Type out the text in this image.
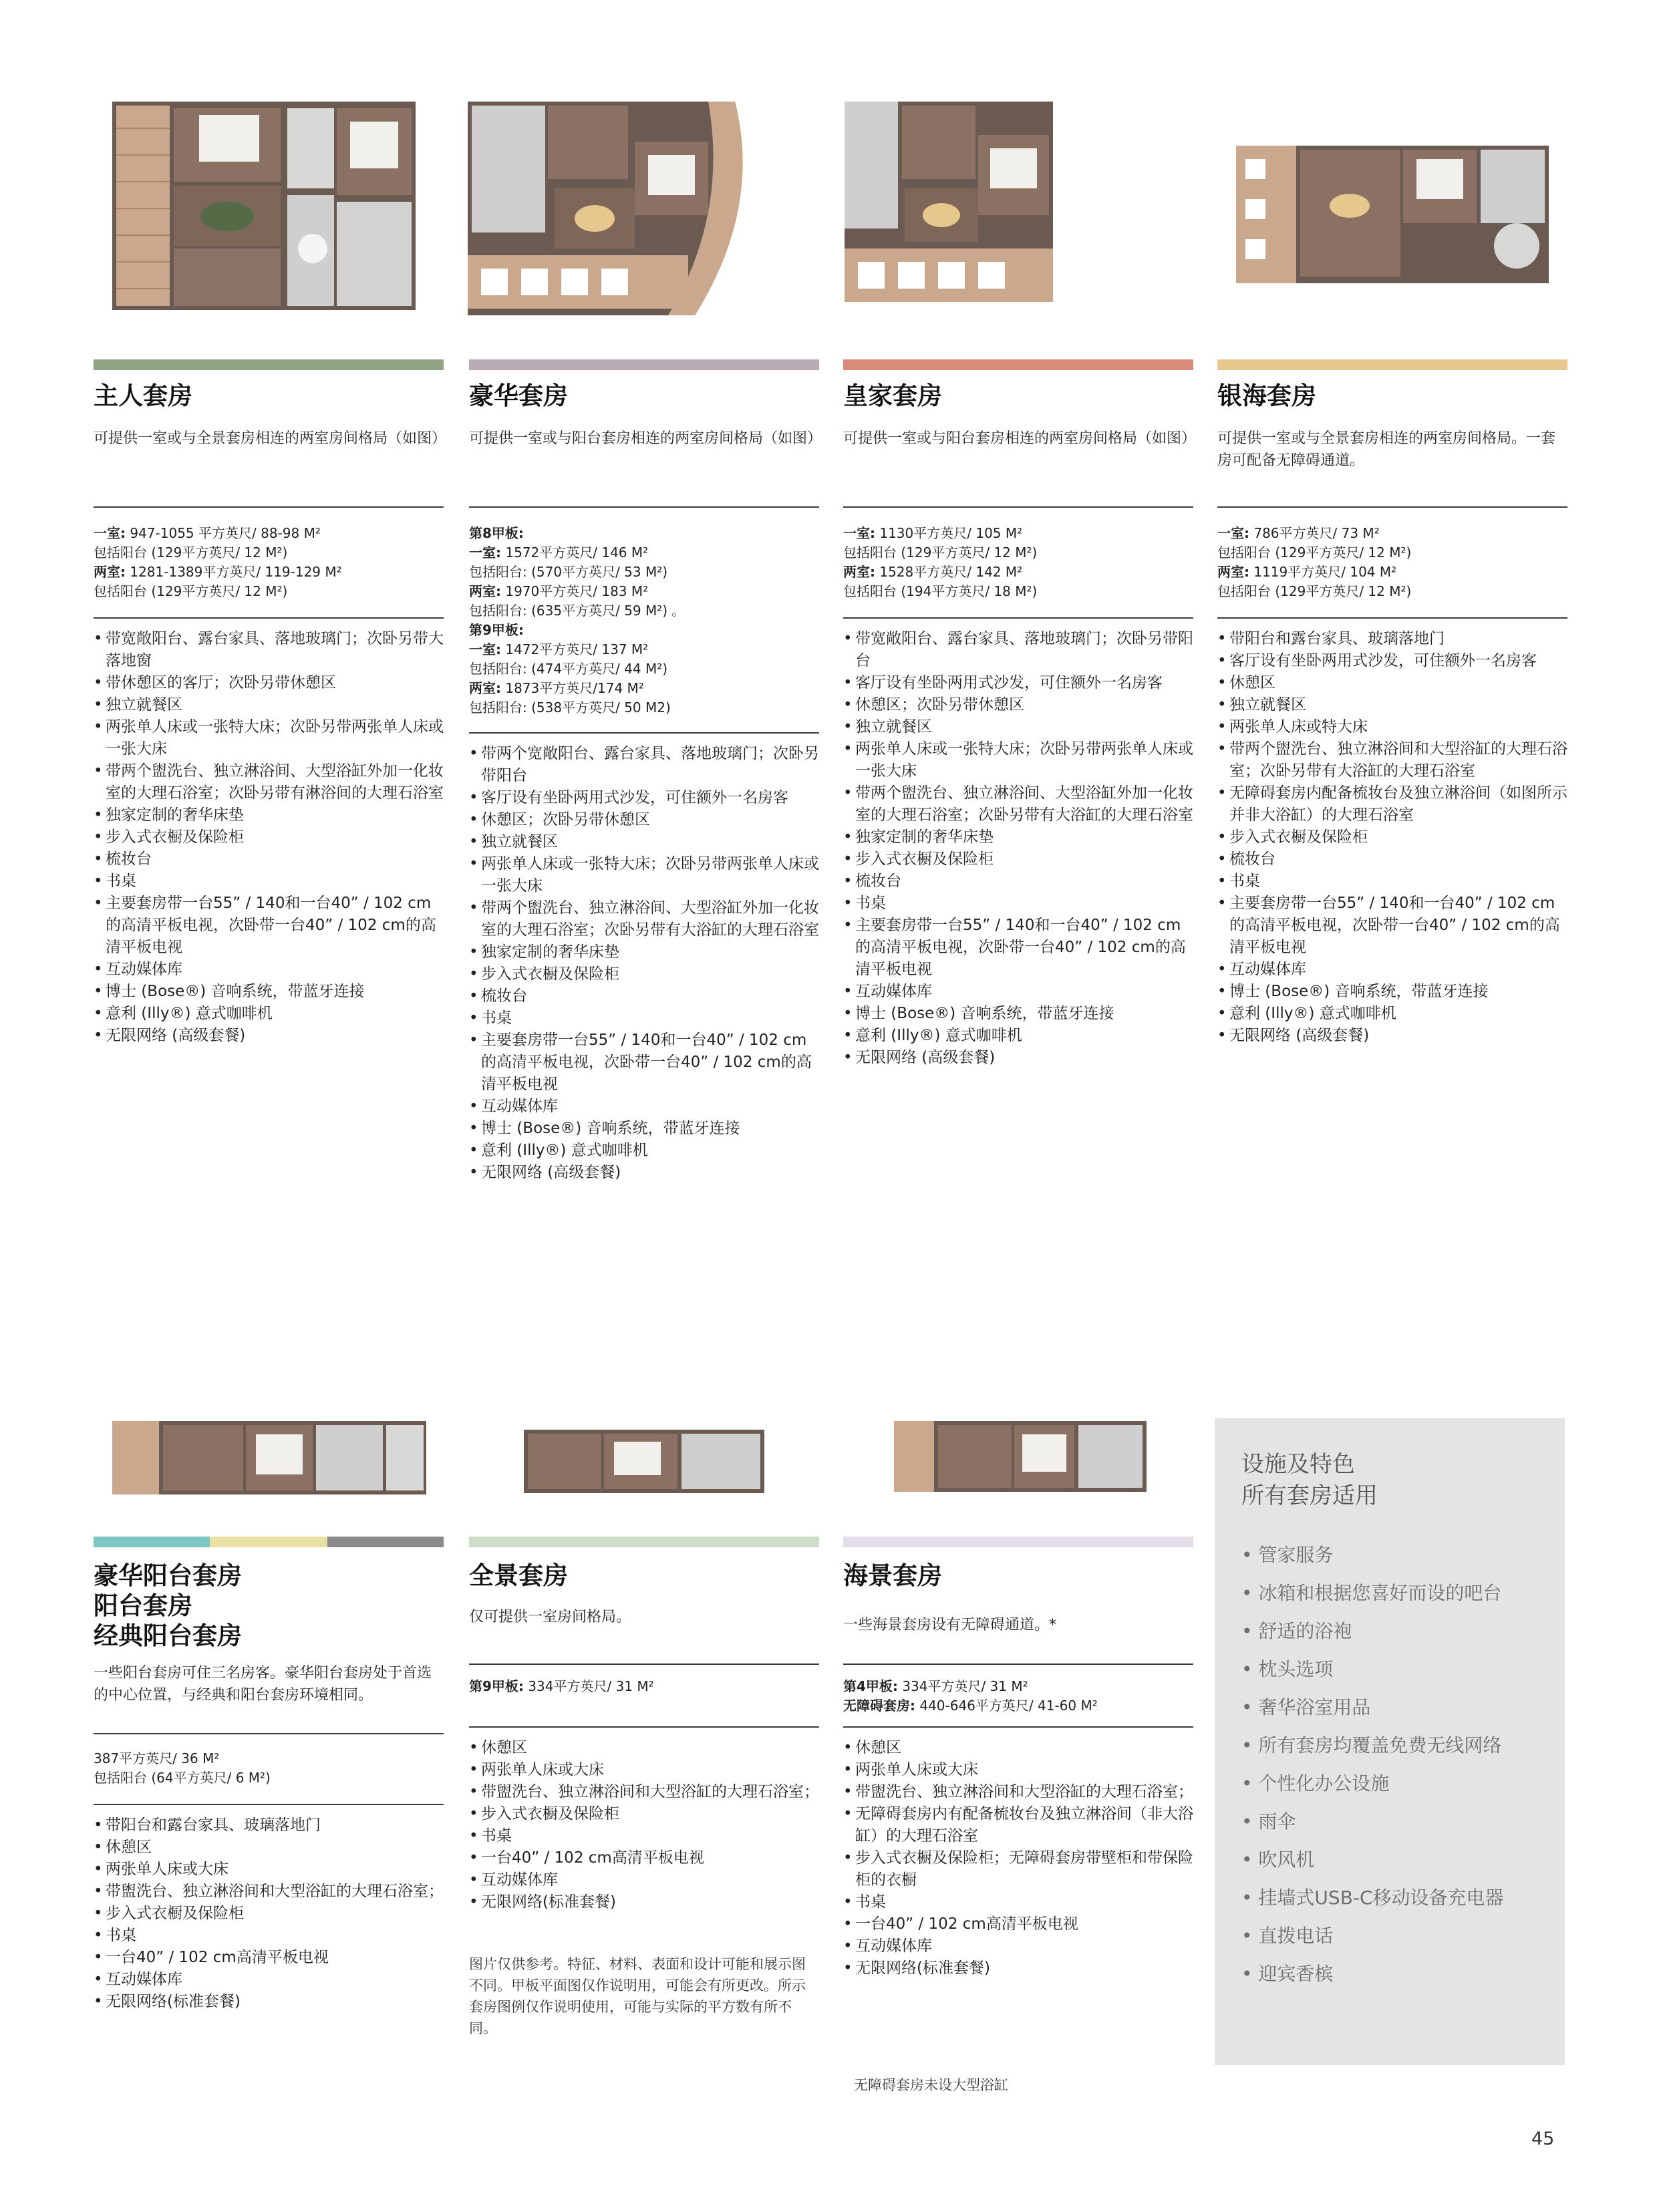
主人套房
可提供一室或与全景套房相连的两室房间格局（如图）
一室: 947-1055 平方英尺/ 88-98 M²
包括阳台 (129平方英尺/ 12 M²)
两室: 1281-1389平方英尺/ 119-129 M²
包括阳台 (129平方英尺/ 12 M²)
• 带宽敞阳台、露台家具、落地玻璃门；次卧另带大落地窗
• 带休憩区的客厅；次卧另带休憩区
• 独立就餐区
• 两张单人床或一张特大床；次卧另带两张单人床或一张大床
• 带两个盥洗台、独立淋浴间、大型浴缸外加一化妆室的大理石浴室；次卧另带有淋浴间的大理石浴室
• 独家定制的奢华床垫
• 步入式衣橱及保险柜
• 梳妆台
• 书桌
• 主要套房带一台55” / 140和一台40” / 102 cm的高清平板电视，次卧带一台40” / 102 cm的高清平板电视
• 互动媒体库
• 博士 (Bose®) 音响系统，带蓝牙连接
• 意利 (Illy®) 意式咖啡机
• 无限网络 (高级套餐)
豪华套房
可提供一室或与阳台套房相连的两室房间格局（如图）
第8甲板:
一室: 1572平方英尺/ 146 M²
包括阳台: (570平方英尺/ 53 M²)
两室: 1970平方英尺/ 183 M²
包括阳台: (635平方英尺/ 59 M²) 。
第9甲板:
一室: 1472平方英尺/ 137 M²
包括阳台: (474平方英尺/ 44 M²)
两室: 1873平方英尺/174 M²
包括阳台: (538平方英尺/ 50 M2)
• 带两个宽敞阳台、露台家具、落地玻璃门；次卧另带阳台
• 客厅设有坐卧两用式沙发，可住额外一名房客
• 休憩区；次卧另带休憩区
• 独立就餐区
• 两张单人床或一张特大床；次卧另带两张单人床或一张大床
• 带两个盥洗台、独立淋浴间、大型浴缸外加一化妆室的大理石浴室；次卧另带有大浴缸的大理石浴室
• 独家定制的奢华床垫
• 步入式衣橱及保险柜
• 梳妆台
• 书桌
• 主要套房带一台55” / 140和一台40” / 102 cm的高清平板电视，次卧带一台40” / 102 cm的高清平板电视
• 互动媒体库
• 博士 (Bose®) 音响系统，带蓝牙连接
• 意利 (Illy®) 意式咖啡机
• 无限网络 (高级套餐)
皇家套房
可提供一室或与阳台套房相连的两室房间格局（如图）
一室: 1130平方英尺/ 105 M²
包括阳台 (129平方英尺/ 12 M²)
两室: 1528平方英尺/ 142 M²
包括阳台 (194平方英尺/ 18 M²)
• 带宽敞阳台、露台家具、落地玻璃门；次卧另带阳台
• 客厅设有坐卧两用式沙发，可住额外一名房客
• 休憩区；次卧另带休憩区
• 独立就餐区
• 两张单人床或一张特大床；次卧另带两张单人床或一张大床
• 带两个盥洗台、独立淋浴间、大型浴缸外加一化妆室的大理石浴室；次卧另带有大浴缸的大理石浴室
• 独家定制的奢华床垫
• 步入式衣橱及保险柜
• 梳妆台
• 书桌
• 主要套房带一台55” / 140和一台40” / 102 cm的高清平板电视，次卧带一台40” / 102 cm的高清平板电视
• 互动媒体库
• 博士 (Bose®) 音响系统，带蓝牙连接
• 意利 (Illy®) 意式咖啡机
• 无限网络 (高级套餐)
银海套房
可提供一室或与全景套房相连的两室房间格局。一套房可配备无障碍通道。
一室: 786平方英尺/ 73 M²
包括阳台 (129平方英尺/ 12 M²)
两室: 1119平方英尺/ 104 M²
包括阳台 (129平方英尺/ 12 M²)
• 带阳台和露台家具、玻璃落地门
• 客厅设有坐卧两用式沙发，可住额外一名房客
• 休憩区
• 独立就餐区
• 两张单人床或特大床
• 带两个盥洗台、独立淋浴间和大型浴缸的大理石浴室；次卧另带有大浴缸的大理石浴室
• 无障碍套房内配备梳妆台及独立淋浴间（如图所示并非大浴缸）的大理石浴室
• 步入式衣橱及保险柜
• 梳妆台
• 书桌
• 主要套房带一台55” / 140和一台40” / 102 cm的高清平板电视，次卧带一台40” / 102 cm的高清平板电视
• 互动媒体库
• 博士 (Bose®) 音响系统，带蓝牙连接
• 意利 (Illy®) 意式咖啡机
• 无限网络 (高级套餐)
豪华阳台套房
阳台套房
经典阳台套房
一些阳台套房可住三名房客。豪华阳台套房处于首选的中心位置，与经典和阳台套房环境相同。
387平方英尺/ 36 M²
包括阳台 (64平方英尺/ 6 M²)
• 带阳台和露台家具、玻璃落地门
• 休憩区
• 两张单人床或大床
• 带盥洗台、独立淋浴间和大型浴缸的大理石浴室；
• 步入式衣橱及保险柜
• 书桌
• 一台40” / 102 cm高清平板电视
• 互动媒体库
• 无限网络(标准套餐)
全景套房
仅可提供一室房间格局。
第9甲板: 334平方英尺/ 31 M²
• 休憩区
• 两张单人床或大床
• 带盥洗台、独立淋浴间和大型浴缸的大理石浴室；
• 步入式衣橱及保险柜
• 书桌
• 一台40” / 102 cm高清平板电视
• 互动媒体库
• 无限网络(标准套餐)
图片仅供参考。特征、材料、表面和设计可能和展示图不同。甲板平面图仅作说明用，可能会有所更改。所示套房图例仅作说明使用，可能与实际的平方数有所不同。
海景套房
一些海景套房设有无障碍通道。*
第4甲板: 334平方英尺/ 31 M²
无障碍套房: 440-646平方英尺/ 41-60 M²
• 休憩区
• 两张单人床或大床
• 带盥洗台、独立淋浴间和大型浴缸的大理石浴室；
• 无障碍套房内有配备梳妆台及独立淋浴间（非大浴缸）的大理石浴室
• 步入式衣橱及保险柜；无障碍套房带壁柜和带保险柜的衣橱
• 书桌
• 一台40” / 102 cm高清平板电视
• 互动媒体库
• 无限网络(标准套餐)
设施及特色
所有套房适用
• 管家服务
• 冰箱和根据您喜好而设的吧台
• 舒适的浴袍
• 枕头选项
• 奢华浴室用品
• 所有套房均覆盖免费无线网络
• 个性化办公设施
• 雨伞
• 吹风机
• 挂墙式USB-C移动设备充电器
• 直拨电话
• 迎宾香槟
无障碍套房未设大型浴缸
45
